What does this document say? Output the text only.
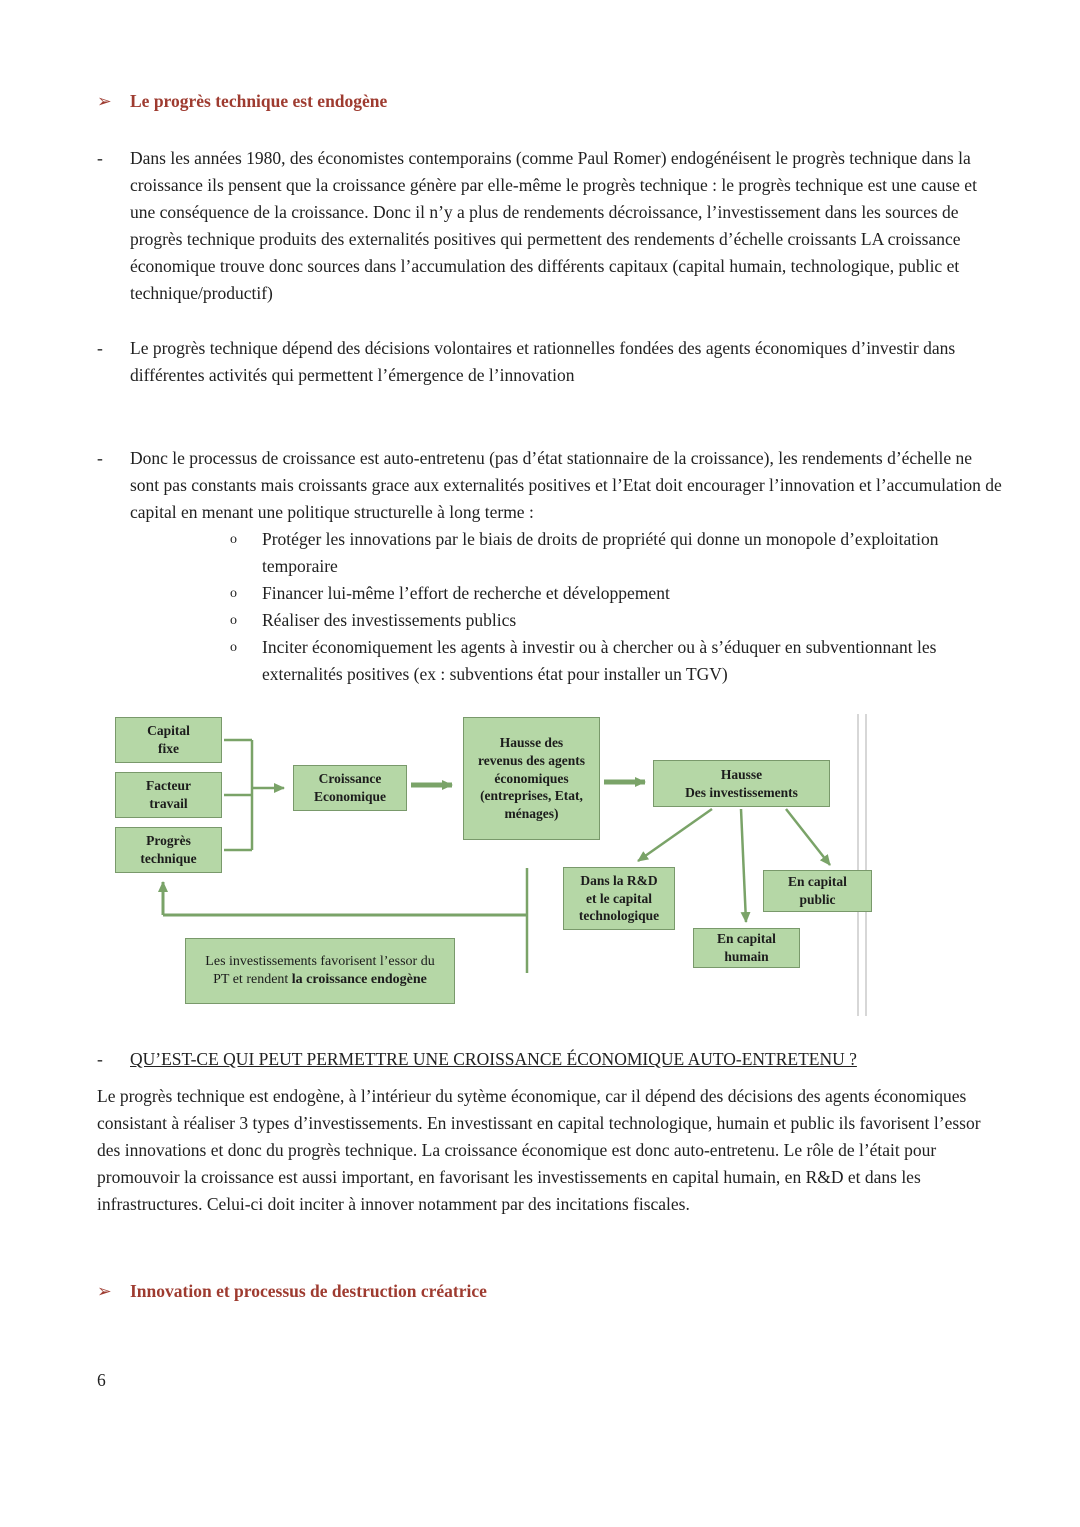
➢	Le progrès technique est endogène
-	Dans les années 1980, des économistes contemporains (comme Paul Romer) endogénéisent le progrès technique dans la croissance ils pensent que la croissance génère par elle-même le progrès technique : le progrès technique est une cause et une conséquence de la croissance. Donc il n’y a plus de rendements décroissance, l’investissement dans les sources de progrès technique produits des externalités positives qui permettent des rendements d’échelle croissants LA croissance économique trouve donc sources dans l’accumulation des différents capitaux (capital humain, technologique, public et technique/productif)
-	Le progrès technique dépend des décisions volontaires et rationnelles fondées des agents économiques d’investir dans différentes activités qui permettent l’émergence de l’innovation
-	Donc le processus de croissance est auto-entretenu (pas d’état stationnaire de la croissance), les rendements d’échelle ne sont pas constants mais croissants grace aux externalités positives et l’Etat doit encourager l’innovation et l’accumulation de capital en menant une politique structurelle à long terme :
o	Protéger les innovations par le biais de droits de propriété qui donne un monopole d’exploitation temporaire
o	Financer lui-même l’effort de recherche et développement
o	Réaliser des investissements publics
o	Inciter économiquement les agents à investir ou à chercher ou à s’éduquer en subventionnant les externalités positives (ex : subventions état pour installer un TGV)
Capital
fixe
Facteur
travail
Progrès
technique
Croissance
Economique
Hausse des
revenus des agents
économiques
(entreprises, Etat,
ménages)
Hausse
Des investissements
Dans la R&D
et le capital
technologique
En capital
public
En capital
humain
Les investissements favorisent l’essor du PT et rendent la croissance endogène
-	QU’EST-CE QUI PEUT PERMETTRE UNE CROISSANCE ÉCONOMIQUE AUTO-ENTRETENU ?

Le progrès technique est endogène, à l’intérieur du sytème économique, car il dépend des décisions des agents économiques consistant à réaliser 3 types d’investissements. En investissant en capital technologique, humain et public ils favorisent l’essor des innovations et donc du progrès technique. La croissance économique est donc auto-entretenu. Le rôle de l’était pour promouvoir la croissance est aussi important, en favorisant les investissements en capital humain, en R&D et dans les infrastructures. Celui-ci doit inciter à innover notamment par des incitations fiscales.

➢	Innovation et processus de destruction créatrice
6
